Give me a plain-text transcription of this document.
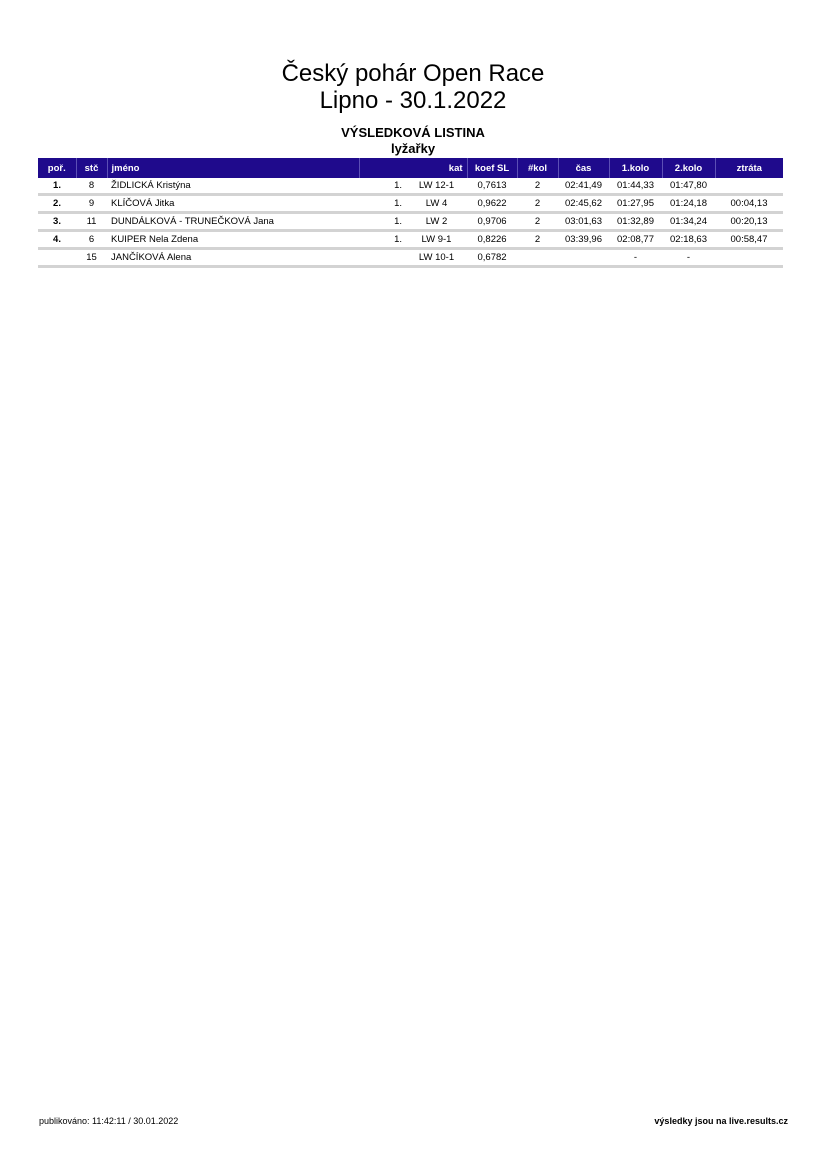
Český pohár Open Race
Lipno - 30.1.2022
VÝSLEDKOVÁ LISTINA
lyžařky
poř.	stč	jméno	kat		koef SL	#kol	čas	1.kolo	2.kolo	ztráta
1.	8	ŽIDLICKÁ Kristýna	1.	LW 12-1	0,7613	2	02:41,49	01:44,33	01:47,80	
2.	9	KLÍČOVÁ Jitka	1.	LW 4	0,9622	2	02:45,62	01:27,95	01:24,18	00:04,13
3.	11	DUNDÁLKOVÁ - TRUNEČKOVÁ Jana	1.	LW 2	0,9706	2	03:01,63	01:32,89	01:34,24	00:20,13
4.	6	KUIPER Nela Zdena	1.	LW 9-1	0,8226	2	03:39,96	02:08,77	02:18,63	00:58,47
	15	JANČÍKOVÁ Alena		LW 10-1	0,6782			-	-	
publikováno: 11:42:11 / 30.01.2022	výsledky jsou na live.results.cz
